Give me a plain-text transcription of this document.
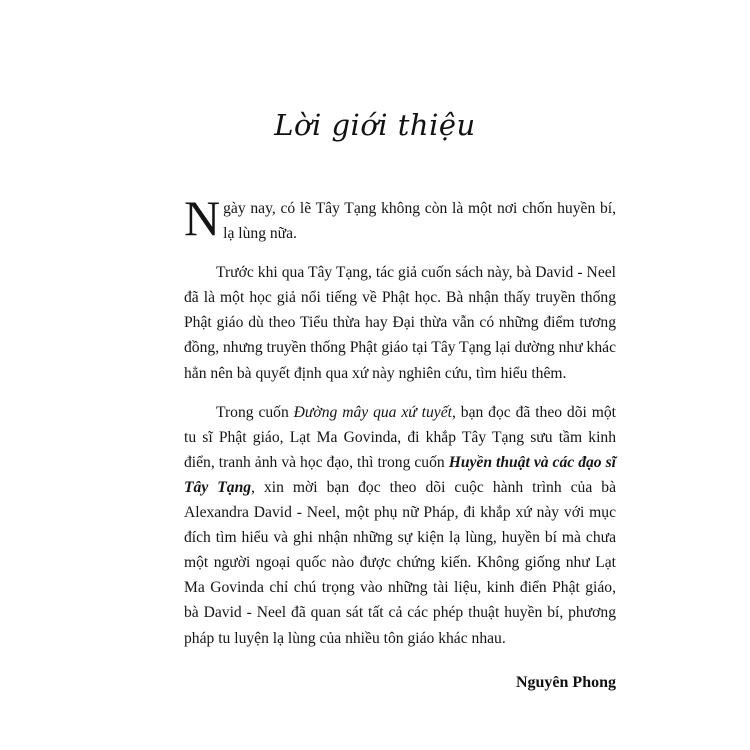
Lời giới thiệu

Ngày nay, có lẽ Tây Tạng không còn là một nơi chốn huyền bí, lạ lùng nữa.

Trước khi qua Tây Tạng, tác giả cuốn sách này, bà David - Neel đã là một học giả nổi tiếng về Phật học. Bà nhận thấy truyền thống Phật giáo dù theo Tiểu thừa hay Đại thừa vẫn có những điểm tương đồng, nhưng truyền thống Phật giáo tại Tây Tạng lại dường như khác hẳn nên bà quyết định qua xứ này nghiên cứu, tìm hiểu thêm.

Trong cuốn Đường mây qua xứ tuyết, bạn đọc đã theo dõi một tu sĩ Phật giáo, Lạt Ma Govinda, đi khắp Tây Tạng sưu tầm kinh điển, tranh ảnh và học đạo, thì trong cuốn Huyền thuật và các đạo sĩ Tây Tạng, xin mời bạn đọc theo dõi cuộc hành trình của bà Alexandra David - Neel, một phụ nữ Pháp, đi khắp xứ này với mục đích tìm hiểu và ghi nhận những sự kiện lạ lùng, huyền bí mà chưa một người ngoại quốc nào được chứng kiến. Không giống như Lạt Ma Govinda chỉ chú trọng vào những tài liệu, kinh điển Phật giáo, bà David - Neel đã quan sát tất cả các phép thuật huyền bí, phương pháp tu luyện lạ lùng của nhiều tôn giáo khác nhau.

Nguyên Phong
